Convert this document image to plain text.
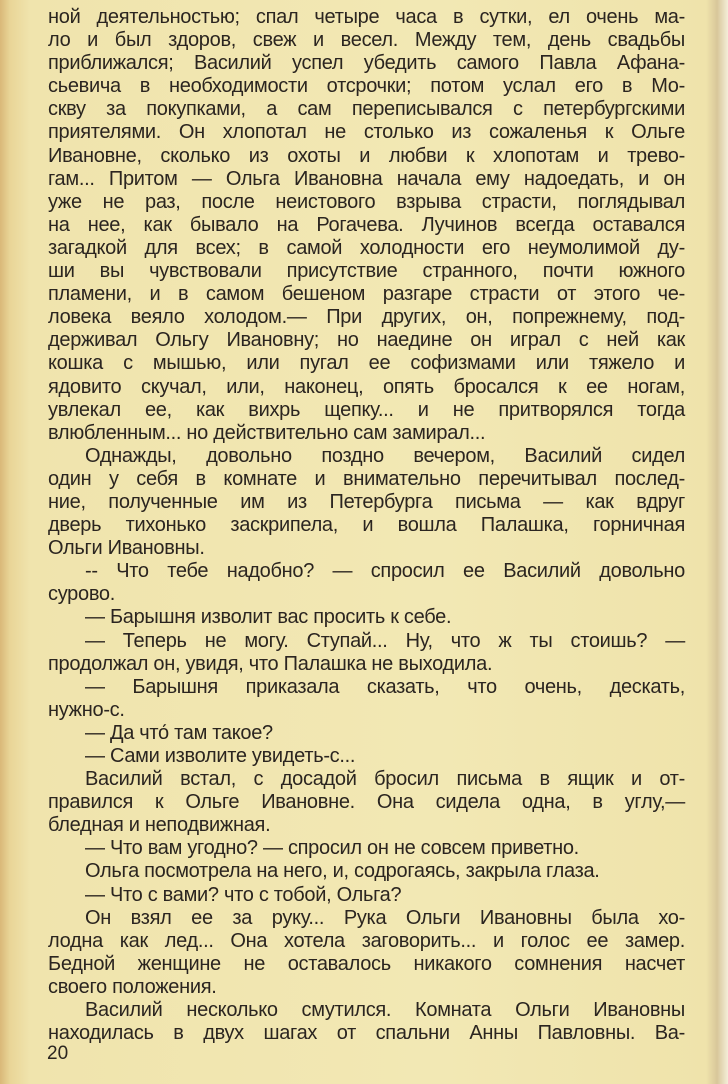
ной деятельностью; спал четыре часа в сутки, ел очень ма-
ло и был здоров, свеж и весел. Между тем, день свадьбы
приближался; Василий успел убедить самого Павла Афана-
сьевича в необходимости отсрочки; потом услал его в Мо-
скву за покупками, а сам переписывался с петербургскими
приятелями. Он хлопотал не столько из сожаленья к Ольге
Ивановне, сколько из охоты и любви к хлопотам и трево-
гам... Притом — Ольга Ивановна начала ему надоедать, и он
уже не раз, после неистового взрыва страсти, поглядывал
на нее, как бывало на Рогачева. Лучинов всегда оставался
загадкой для всех; в самой холодности его неумолимой ду-
ши вы чувствовали присутствие странного, почти южного
пламени, и в самом бешеном разгаре страсти от этого че-
ловека веяло холодом.— При других, он, попрежнему, под-
держивал Ольгу Ивановну; но наедине он играл с ней как
кошка с мышью, или пугал ее софизмами или тяжело и
ядовито скучал, или, наконец, опять бросался к ее ногам,
увлекал ее, как вихрь щепку... и не притворялся тогда
влюбленным... но действительно сам замирал...
Однажды, довольно поздно вечером, Василий сидел
один у себя в комнате и внимательно перечитывал послед-
ние, полученные им из Петербурга письма — как вдруг
дверь тихонько заскрипела, и вошла Палашка, горничная
Ольги Ивановны.
-- Что тебе надобно? — спросил ее Василий довольно
сурово.
— Барышня изволит вас просить к себе.
— Теперь не могу. Ступай... Ну, что ж ты стоишь? —
продолжал он, увидя, что Палашка не выходила.
— Барышня приказала сказать, что очень, дескать,
нужно-с.
— Да что́ там такое?
— Сами изволите увидеть-с...
Василий встал, с досадой бросил письма в ящик и от-
правился к Ольге Ивановне. Она сидела одна, в углу,—
бледная и неподвижная.
— Что вам угодно? — спросил он не совсем приветно.
Ольга посмотрела на него, и, содрогаясь, закрыла глаза.
— Что с вами? что с тобой, Ольга?
Он взял ее за руку... Рука Ольги Ивановны была хо-
лодна как лед... Она хотела заговорить... и голос ее замер.
Бедной женщине не оставалось никакого сомнения насчет
своего положения.
Василий несколько смутился. Комната Ольги Ивановны
находилась в двух шагах от спальни Анны Павловны. Ва-
20
